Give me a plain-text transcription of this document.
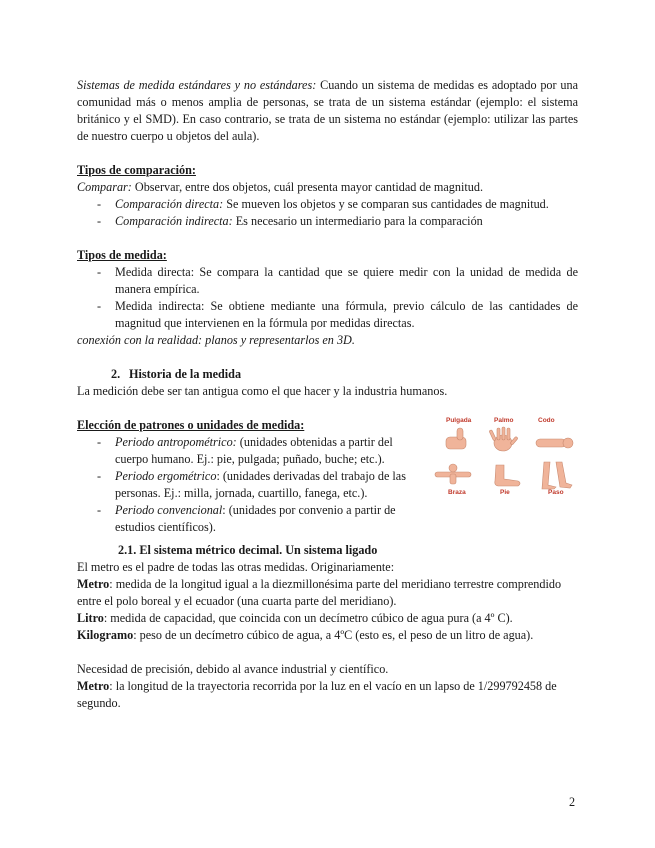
Sistemas de medida estándares y no estándares: Cuando un sistema de medidas es adoptado por una comunidad más o menos amplia de personas, se trata de un sistema estándar (ejemplo: el sistema británico y el SMD). En caso contrario, se trata de un sistema no estándar (ejemplo: utilizar las partes de nuestro cuerpo u objetos del aula).

Tipos de comparación:

Comparar: Observar, entre dos objetos, cuál presenta mayor cantidad de magnitud.

- Comparación directa: Se mueven los objetos y se comparan sus cantidades de magnitud.
- Comparación indirecta: Es necesario un intermediario para la comparación

Tipos de medida:

- Medida directa: Se compara la cantidad que se quiere medir con la unidad de medida de manera empírica.
- Medida indirecta: Se obtiene mediante una fórmula, previo cálculo de las cantidades de magnitud que intervienen en la fórmula por medidas directas.

conexión con la realidad: planos y representarlos en 3D.

2. Historia de la medida

La medición debe ser tan antigua como el que hacer y la industria humanos.

Elección de patrones o unidades de medida:

- Periodo antropométrico: (unidades obtenidas a partir del cuerpo humano. Ej.: pie, pulgada; puñado, buche; etc.).
- Periodo ergométrico: (unidades derivadas del trabajo de las personas. Ej.: milla, jornada, cuartillo, fanega, etc.).
- Periodo convencional: (unidades por convenio a partir de estudios científicos).
Pulgada	Palmo	Codo
Braza	Pie	Paso

2.1. El sistema métrico decimal. Un sistema ligado

El metro es el padre de todas las otras medidas. Originariamente:

Metro: medida de la longitud igual a la diezmillonésima parte del meridiano terrestre comprendido entre el polo boreal y el ecuador (una cuarta parte del meridiano).

Litro: medida de capacidad, que coincida con un decímetro cúbico de agua pura (a 4º C).

Kilogramo: peso de un decímetro cúbico de agua, a 4ºC (esto es, el peso de un litro de agua).

Necesidad de precisión, debido al avance industrial y científico.

Metro: la longitud de la trayectoria recorrida por la luz en el vacío en un lapso de 1/299792458 de segundo.

2
